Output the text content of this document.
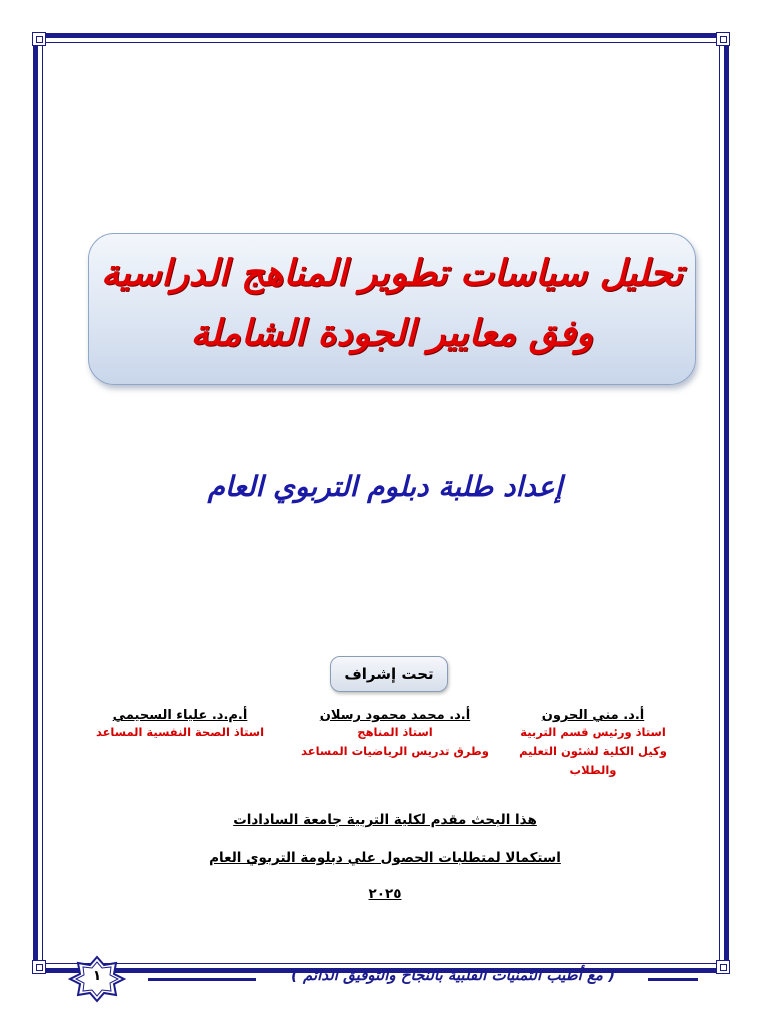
تحليل سياسات تطوير المناهج الدراسية
وفق معايير الجودة الشاملة
إعداد طلبة دبلوم التربوي العام
تحت إشراف
أ.د. مني الحرون
استاذ ورئيس قسم التربية
وكيل الكلية لشئون التعليم والطلاب
أ.د. محمد محمود رسلان
استاذ المناهج
وطرق تدريس الرياضيات المساعد
أ.م.د. علياء السحيمي
استاذ الصحة النفسية المساعد
هذا البحث مقدم لكلية التربية جامعة السادادات
استكمالا لمتطلبات الحصول علي دبلومة التربوي العام
٢٠٢٥
( مع أطيب التمنيات القلبية بالنجاح والتوفيق الدائم )
١
